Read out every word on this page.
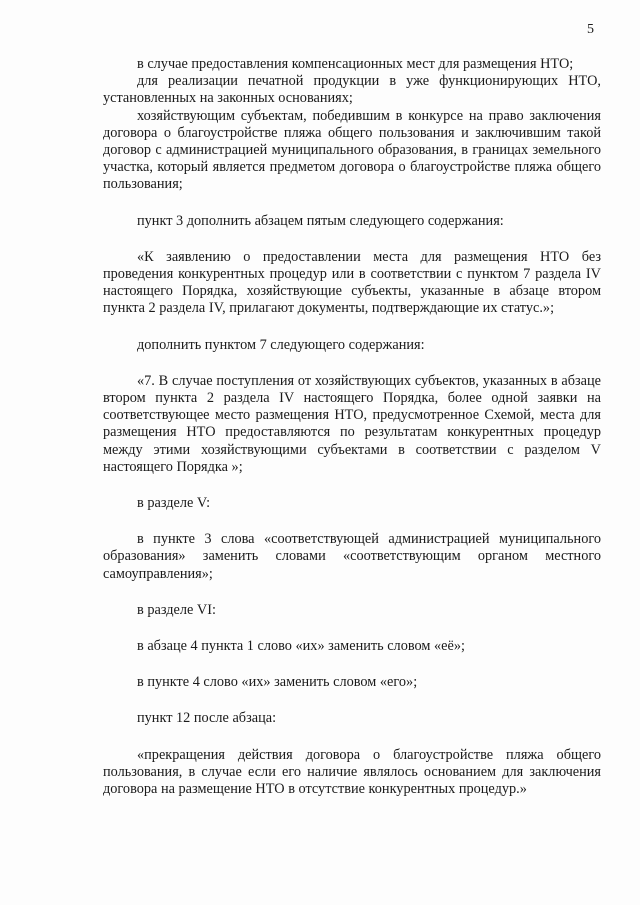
5

в случае предоставления компенсационных мест для размещения НТО;

для реализации печатной продукции в уже функционирующих НТО, установленных на законных основаниях;

хозяйствующим субъектам, победившим в конкурсе на право заключения договора о благоустройстве пляжа общего пользования и заключившим такой договор с администрацией муниципального образования, в границах земельного участка, который является предметом договора о благоустройстве пляжа общего пользования;

пункт 3 дополнить абзацем пятым следующего содержания:

«К заявлению о предоставлении места для размещения НТО без проведения конкурентных процедур или в соответствии с пунктом 7 раздела IV настоящего Порядка, хозяйствующие субъекты, указанные в абзаце втором пункта 2 раздела IV, прилагают документы, подтверждающие их статус.»;

дополнить пунктом 7 следующего содержания:

«7. В случае поступления от хозяйствующих субъектов, указанных в абзаце втором пункта 2 раздела IV настоящего Порядка, более одной заявки на соответствующее место размещения НТО, предусмотренное Схемой, места для размещения НТО предоставляются по результатам конкурентных процедур между этими хозяйствующими субъектами в соответствии с разделом V настоящего Порядка »;

в разделе V:

в пункте 3 слова «соответствующей администрацией муниципального образования» заменить словами «соответствующим органом местного самоуправления»;

в разделе VI:

в абзаце 4 пункта 1 слово «их» заменить словом «её»;

в пункте 4 слово «их» заменить словом «его»;

пункт 12 после абзаца:

«прекращения действия договора о благоустройстве пляжа общего пользования, в случае если его наличие являлось основанием для заключения договора на размещение НТО в отсутствие конкурентных процедур.»
